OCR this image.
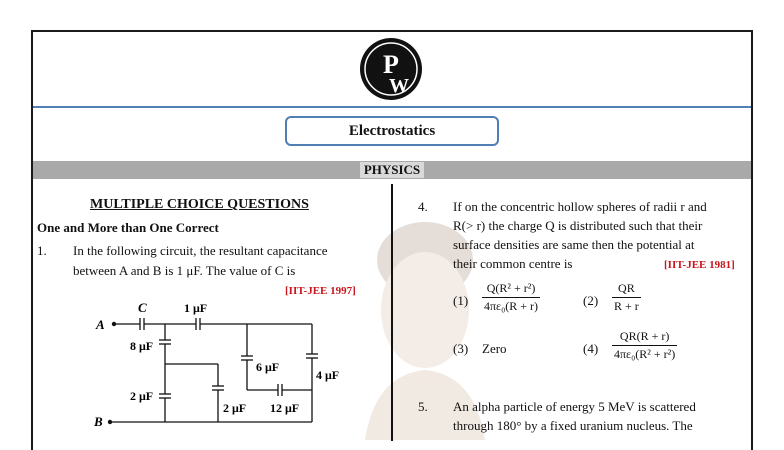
P
W
Electrostatics
PHYSICS
MULTIPLE CHOICE QUESTIONS
One and More than One Correct
1. In the following circuit, the resultant capacitance
between A and B is 1 μF. The value of C is
[IIT-JEE 1997]
A
B
C	1 μF
8 μF
2 μF
6 μF
4 μF
2 μF 12 μF
4. If on the concentric hollow spheres of radii r and
R(> r) the charge Q is distributed such that their
surface densities are same then the potential at
their common centre is	[IIT-JEE 1981]
$(1) \frac{\text{Q(R² + r²)}}{\text{4πε₀(R + r)}}$	$(2) \frac{QR}{R + r}$
(3) Zero	$(4) \frac{QR(R + r)}{\text{4πε₀(R² + r²)}}$
5. An alpha particle of energy 5 MeV is scattered
through 180° by a fixed uranium nucleus. The
